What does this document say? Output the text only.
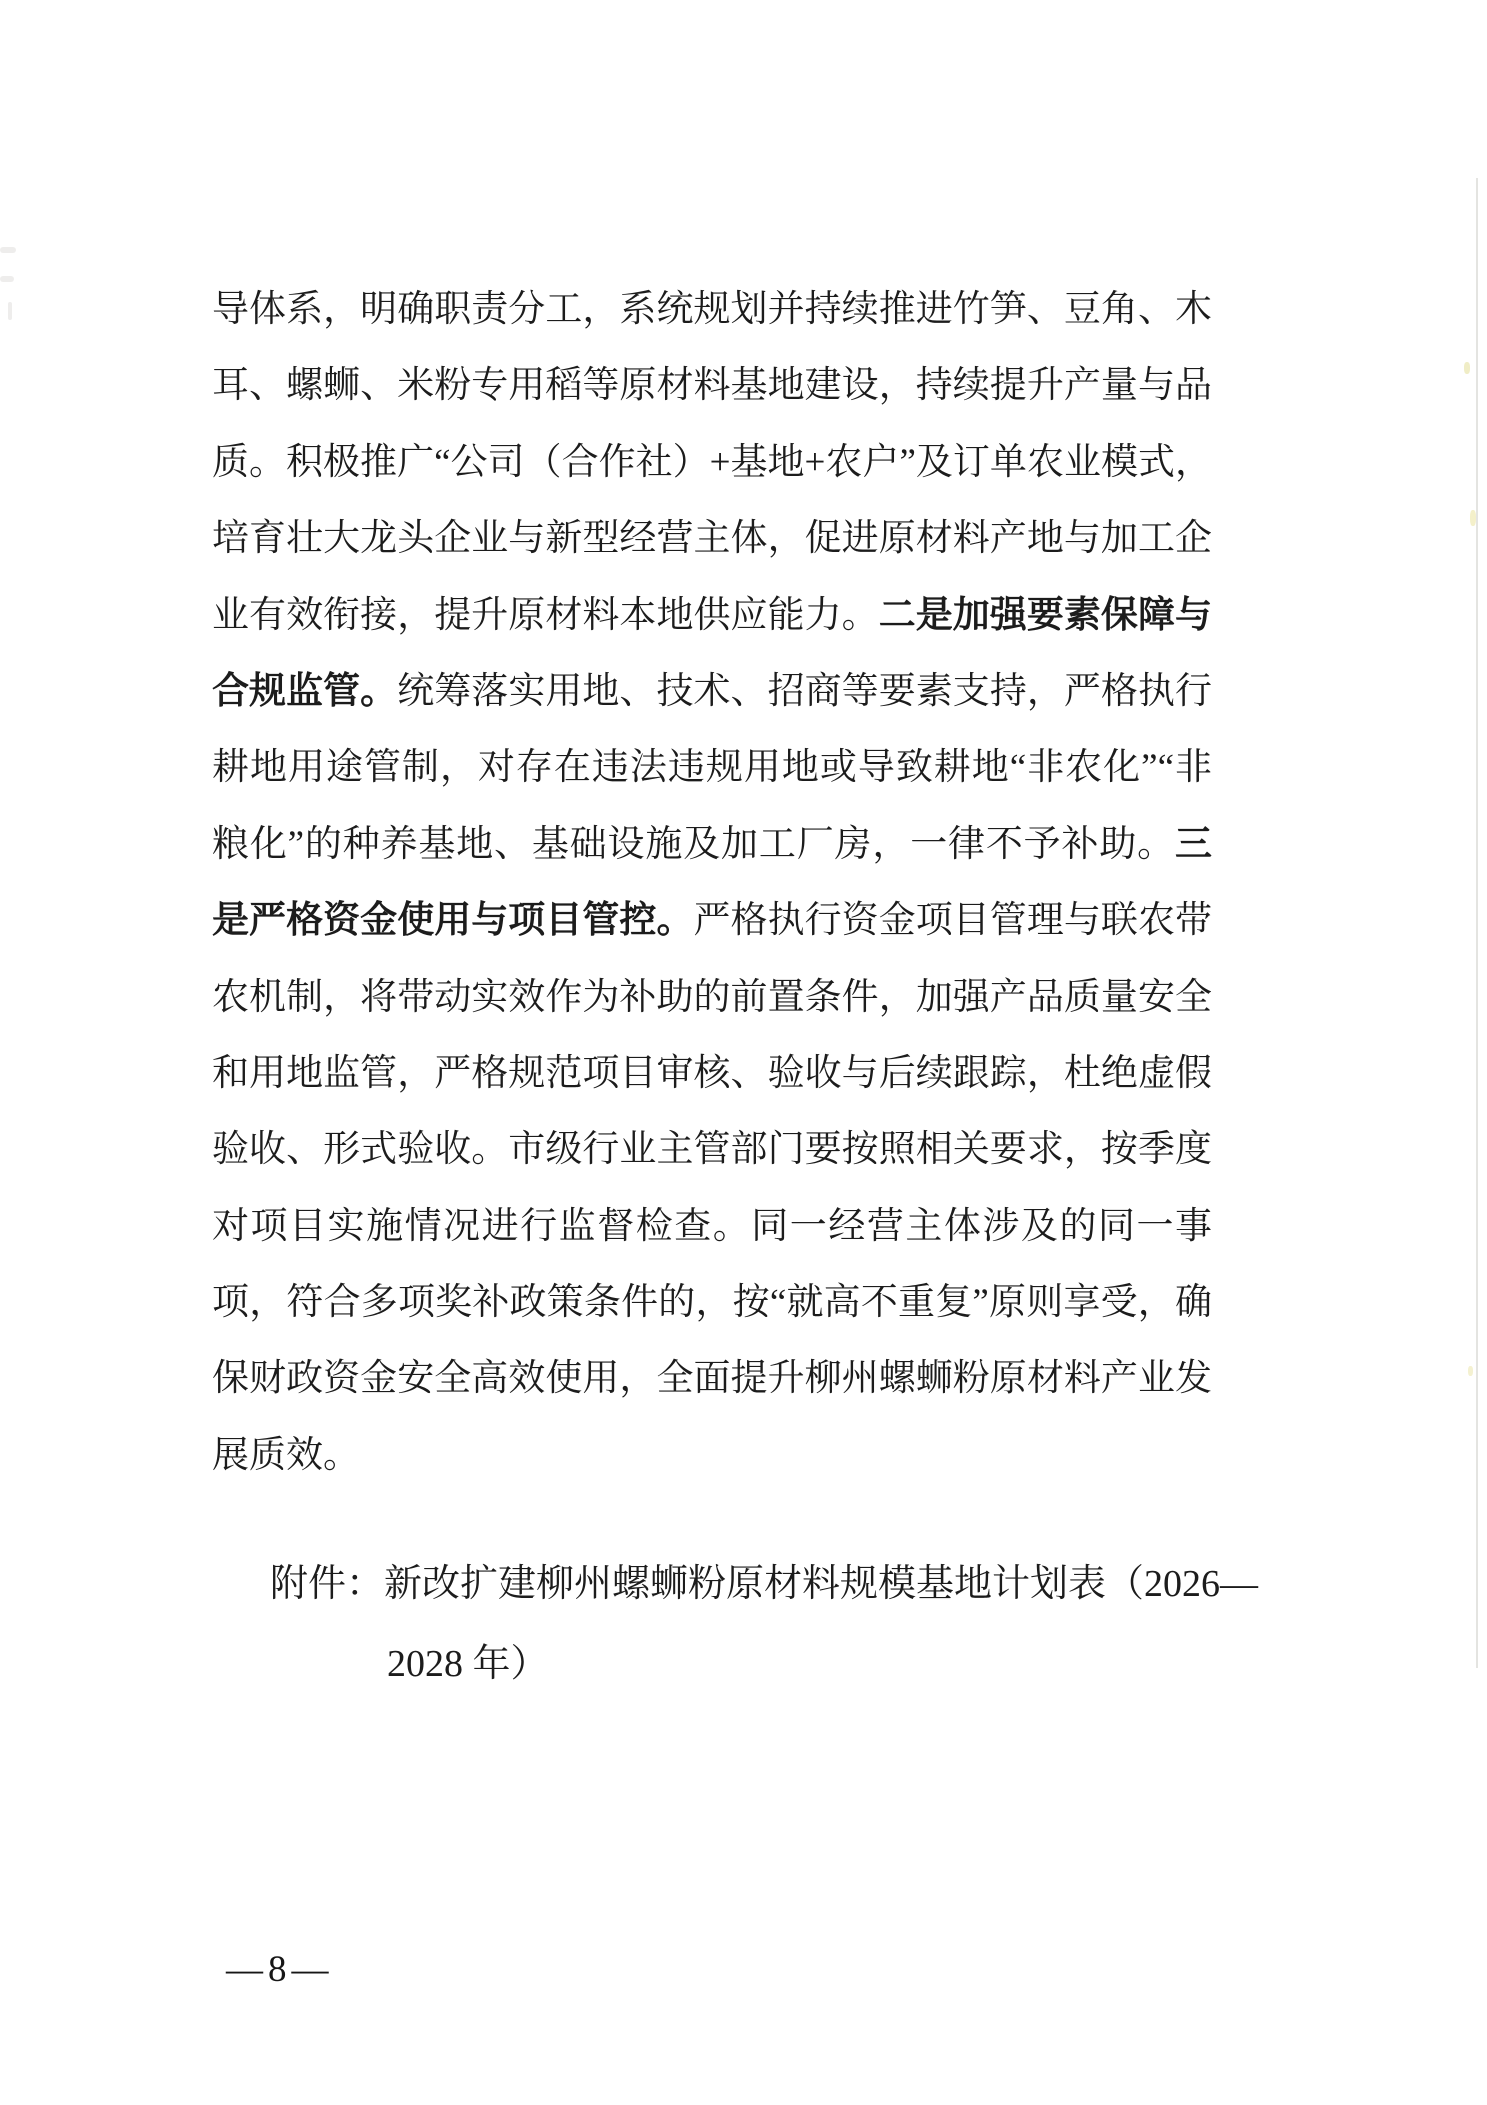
导体系，明确职责分工，系统规划并持续推进竹笋、豆角、木
耳、螺蛳、米粉专用稻等原材料基地建设，持续提升产量与品
质。积极推广“公司（合作社）+基地+农户”及订单农业模式，
培育壮大龙头企业与新型经营主体，促进原材料产地与加工企
业有效衔接，提升原材料本地供应能力。二是加强要素保障与
合规监管。统筹落实用地、技术、招商等要素支持，严格执行
耕地用途管制，对存在违法违规用地或导致耕地“非农化”“非
粮化”的种养基地、基础设施及加工厂房，一律不予补助。三
是严格资金使用与项目管控。严格执行资金项目管理与联农带
农机制，将带动实效作为补助的前置条件，加强产品质量安全
和用地监管，严格规范项目审核、验收与后续跟踪，杜绝虚假
验收、形式验收。市级行业主管部门要按照相关要求，按季度
对项目实施情况进行监督检查。同一经营主体涉及的同一事
项，符合多项奖补政策条件的，按“就高不重复”原则享受，确
保财政资金安全高效使用，全面提升柳州螺蛳粉原材料产业发
展质效。
附件：新改扩建柳州螺蛳粉原材料规模基地计划表（2026—
2028 年）
—8—
